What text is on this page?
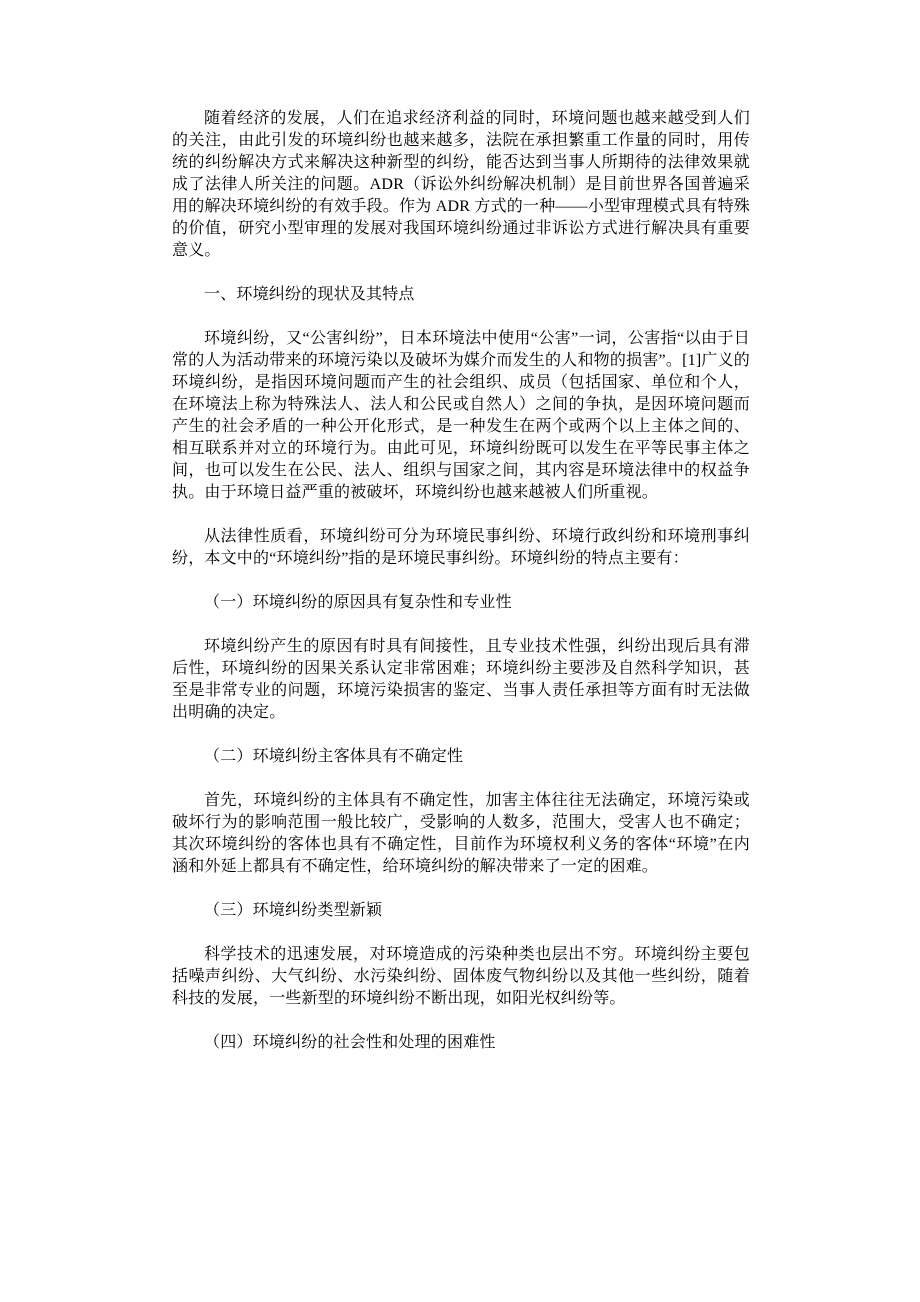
随着经济的发展，人们在追求经济利益的同时，环境问题也越来越受到人们的关注，由此引发的环境纠纷也越来越多，法院在承担繁重工作量的同时，用传统的纠纷解决方式来解决这种新型的纠纷，能否达到当事人所期待的法律效果就成了法律人所关注的问题。ADR（诉讼外纠纷解决机制）是目前世界各国普遍采用的解决环境纠纷的有效手段。作为 ADR 方式的一种——小型审理模式具有特殊的价值，研究小型审理的发展对我国环境纠纷通过非诉讼方式进行解决具有重要意义。

一、环境纠纷的现状及其特点

环境纠纷，又“公害纠纷”，日本环境法中使用“公害”一词，公害指“以由于日常的人为活动带来的环境污染以及破坏为媒介而发生的人和物的损害”。[1]广义的环境纠纷，是指因环境问题而产生的社会组织、成员（包括国家、单位和个人，在环境法上称为特殊法人、法人和公民或自然人）之间的争执，是因环境问题而产生的社会矛盾的一种公开化形式，是一种发生在两个或两个以上主体之间的、相互联系并对立的环境行为。由此可见，环境纠纷既可以发生在平等民事主体之间，也可以发生在公民、法人、组织与国家之间，其内容是环境法律中的权益争执。由于环境日益严重的被破坏，环境纠纷也越来越被人们所重视。

从法律性质看，环境纠纷可分为环境民事纠纷、环境行政纠纷和环境刑事纠纷，本文中的“环境纠纷”指的是环境民事纠纷。环境纠纷的特点主要有：

（一）环境纠纷的原因具有复杂性和专业性

环境纠纷产生的原因有时具有间接性，且专业技术性强，纠纷出现后具有滞后性，环境纠纷的因果关系认定非常困难；环境纠纷主要涉及自然科学知识，甚至是非常专业的问题，环境污染损害的鉴定、当事人责任承担等方面有时无法做出明确的决定。

（二）环境纠纷主客体具有不确定性

首先，环境纠纷的主体具有不确定性，加害主体往往无法确定，环境污染或破坏行为的影响范围一般比较广，受影响的人数多，范围大，受害人也不确定；其次环境纠纷的客体也具有不确定性，目前作为环境权利义务的客体“环境”在内涵和外延上都具有不确定性，给环境纠纷的解决带来了一定的困难。

（三）环境纠纷类型新颖

科学技术的迅速发展，对环境造成的污染种类也层出不穷。环境纠纷主要包括噪声纠纷、大气纠纷、水污染纠纷、固体废气物纠纷以及其他一些纠纷，随着科技的发展，一些新型的环境纠纷不断出现，如阳光权纠纷等。

（四）环境纠纷的社会性和处理的困难性
